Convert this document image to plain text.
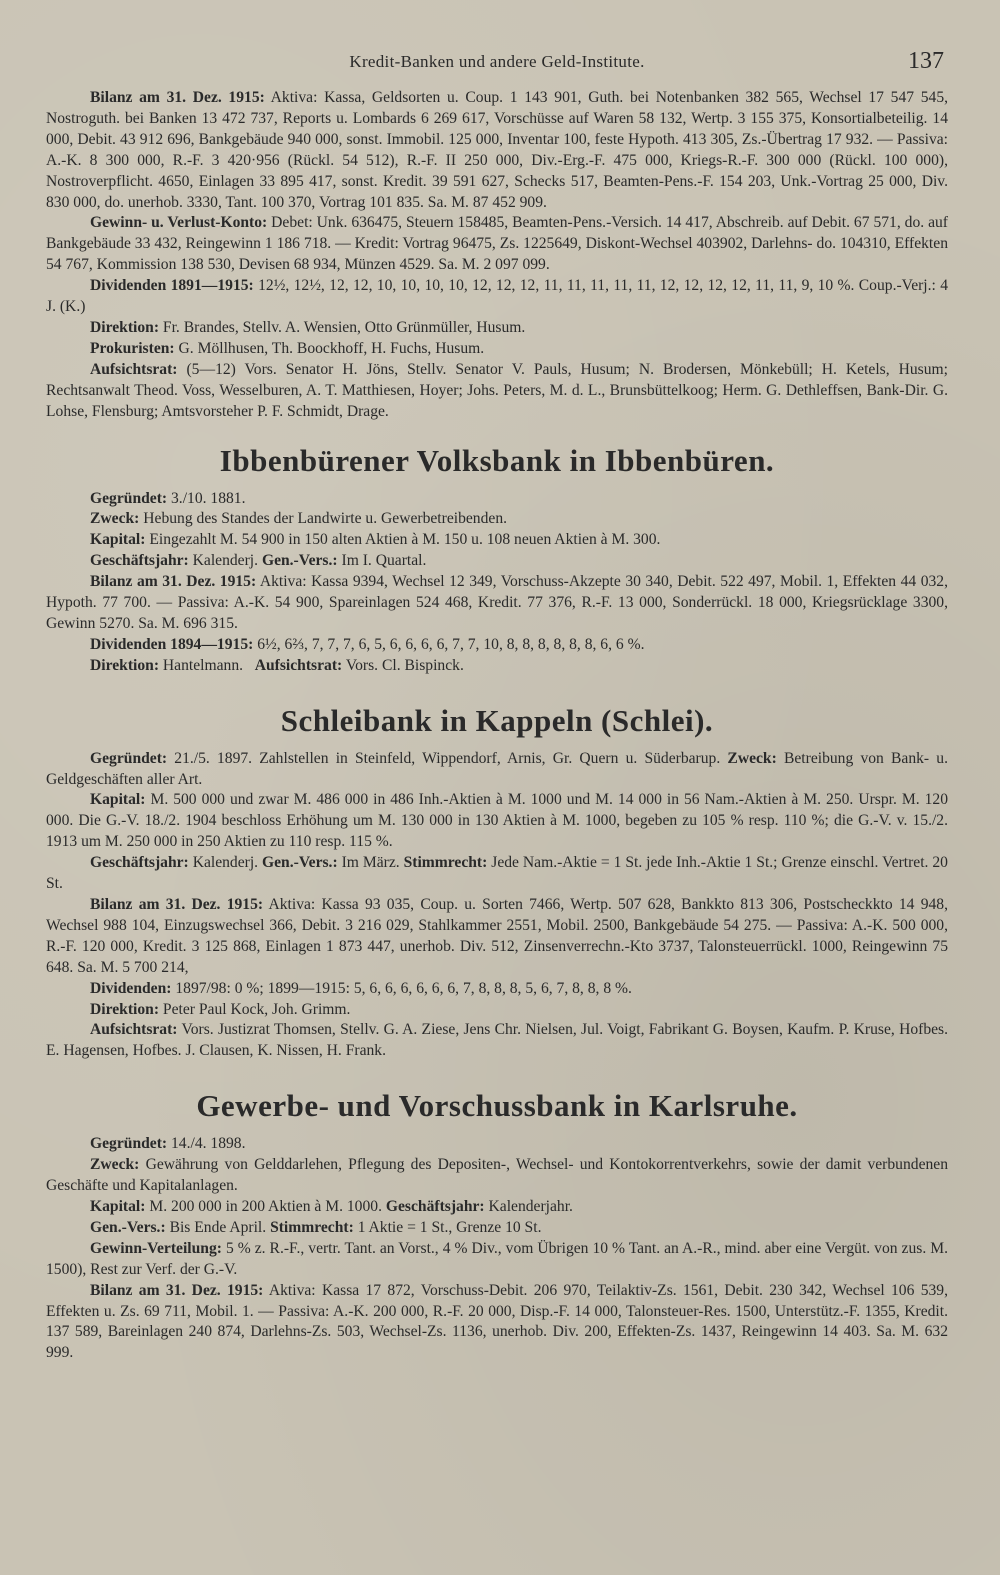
Kredit-Banken und andere Geld-Institute.	137

Bilanz am 31. Dez. 1915: Aktiva: Kassa, Geldsorten u. Coup. 1 143 901, Guth. bei Notenbanken 382 565, Wechsel 17 547 545, Nostroguth. bei Banken 13 472 737, Reports u. Lombards 6 269 617, Vorschüsse auf Waren 58 132, Wertp. 3 155 375, Konsortialbeteilig. 14 000, Debit. 43 912 696, Bankgebäude 940 000, sonst. Immobil. 125 000, Inventar 100, feste Hypoth. 413 305, Zs.-Übertrag 17 932. — Passiva: A.-K. 8 300 000, R.-F. 3 420·956 (Rückl. 54 512), R.-F. II 250 000, Div.-Erg.-F. 475 000, Kriegs-R.-F. 300 000 (Rückl. 100 000), Nostroverpflicht. 4650, Einlagen 33 895 417, sonst. Kredit. 39 591 627, Schecks 517, Beamten-Pens.-F. 154 203, Unk.-Vortrag 25 000, Div. 830 000, do. unerhob. 3330, Tant. 100 370, Vortrag 101 835. Sa. M. 87 452 909.

Gewinn- u. Verlust-Konto: Debet: Unk. 636475, Steuern 158485, Beamten-Pens.-Versich. 14 417, Abschreib. auf Debit. 67 571, do. auf Bankgebäude 33 432, Reingewinn 1 186 718. — Kredit: Vortrag 96475, Zs. 1225649, Diskont-Wechsel 403902, Darlehns- do. 104310, Effekten 54 767, Kommission 138 530, Devisen 68 934, Münzen 4529. Sa. M. 2 097 099.

Dividenden 1891—1915: 12½, 12½, 12, 12, 10, 10, 10, 10, 12, 12, 12, 11, 11, 11, 11, 11, 12, 12, 12, 12, 11, 11, 9, 10 %. Coup.-Verj.: 4 J. (K.)

Direktion: Fr. Brandes, Stellv. A. Wensien, Otto Grünmüller, Husum.

Prokuristen: G. Möllhusen, Th. Boockhoff, H. Fuchs, Husum.

Aufsichtsrat: (5—12) Vors. Senator H. Jöns, Stellv. Senator V. Pauls, Husum; N. Brodersen, Mönkebüll; H. Ketels, Husum; Rechtsanwalt Theod. Voss, Wesselburen, A. T. Matthiesen, Hoyer; Johs. Peters, M. d. L., Brunsbüttelkoog; Herm. G. Dethleffsen, Bank-Dir. G. Lohse, Flensburg; Amtsvorsteher P. F. Schmidt, Drage.

Ibbenbürener Volksbank in Ibbenbüren.

Gegründet: 3./10. 1881.

Zweck: Hebung des Standes der Landwirte u. Gewerbetreibenden.

Kapital: Eingezahlt M. 54 900 in 150 alten Aktien à M. 150 u. 108 neuen Aktien à M. 300.

Geschäftsjahr: Kalenderj. Gen.-Vers.: Im I. Quartal.

Bilanz am 31. Dez. 1915: Aktiva: Kassa 9394, Wechsel 12 349, Vorschuss-Akzepte 30 340, Debit. 522 497, Mobil. 1, Effekten 44 032, Hypoth. 77 700. — Passiva: A.-K. 54 900, Spareinlagen 524 468, Kredit. 77 376, R.-F. 13 000, Sonderrückl. 18 000, Kriegsrücklage 3300, Gewinn 5270. Sa. M. 696 315.

Dividenden 1894—1915: 6½, 6⅔, 7, 7, 7, 6, 5, 6, 6, 6, 6, 7, 7, 10, 8, 8, 8, 8, 8, 8, 6, 6 %.

Direktion: Hantelmann. Aufsichtsrat: Vors. Cl. Bispinck.

Schleibank in Kappeln (Schlei).

Gegründet: 21./5. 1897. Zahlstellen in Steinfeld, Wippendorf, Arnis, Gr. Quern u. Süderbarup. Zweck: Betreibung von Bank- u. Geldgeschäften aller Art.

Kapital: M. 500 000 und zwar M. 486 000 in 486 Inh.-Aktien à M. 1000 und M. 14 000 in 56 Nam.-Aktien à M. 250. Urspr. M. 120 000. Die G.-V. 18./2. 1904 beschloss Erhöhung um M. 130 000 in 130 Aktien à M. 1000, begeben zu 105 % resp. 110 %; die G.-V. v. 15./2. 1913 um M. 250 000 in 250 Aktien zu 110 resp. 115 %.

Geschäftsjahr: Kalenderj. Gen.-Vers.: Im März. Stimmrecht: Jede Nam.-Aktie = 1 St. jede Inh.-Aktie 1 St.; Grenze einschl. Vertret. 20 St.

Bilanz am 31. Dez. 1915: Aktiva: Kassa 93 035, Coup. u. Sorten 7466, Wertp. 507 628, Bankkto 813 306, Postscheckkto 14 948, Wechsel 988 104, Einzugswechsel 366, Debit. 3 216 029, Stahlkammer 2551, Mobil. 2500, Bankgebäude 54 275. — Passiva: A.-K. 500 000, R.-F. 120 000, Kredit. 3 125 868, Einlagen 1 873 447, unerhob. Div. 512, Zinsenverrechn.-Kto 3737, Talonsteuerrückl. 1000, Reingewinn 75 648. Sa. M. 5 700 214,

Dividenden: 1897/98: 0 %; 1899—1915: 5, 6, 6, 6, 6, 6, 6, 7, 8, 8, 8, 5, 6, 7, 8, 8, 8 %.

Direktion: Peter Paul Kock, Joh. Grimm.

Aufsichtsrat: Vors. Justizrat Thomsen, Stellv. G. A. Ziese, Jens Chr. Nielsen, Jul. Voigt, Fabrikant G. Boysen, Kaufm. P. Kruse, Hofbes. E. Hagensen, Hofbes. J. Clausen, K. Nissen, H. Frank.

Gewerbe- und Vorschussbank in Karlsruhe.

Gegründet: 14./4. 1898.

Zweck: Gewährung von Gelddarlehen, Pflegung des Depositen-, Wechsel- und Kontokorrentverkehrs, sowie der damit verbundenen Geschäfte und Kapitalanlagen.

Kapital: M. 200 000 in 200 Aktien à M. 1000. Geschäftsjahr: Kalenderjahr.

Gen.-Vers.: Bis Ende April. Stimmrecht: 1 Aktie = 1 St., Grenze 10 St.

Gewinn-Verteilung: 5 % z. R.-F., vertr. Tant. an Vorst., 4 % Div., vom Übrigen 10 % Tant. an A.-R., mind. aber eine Vergüt. von zus. M. 1500), Rest zur Verf. der G.-V.

Bilanz am 31. Dez. 1915: Aktiva: Kassa 17 872, Vorschuss-Debit. 206 970, Teilaktiv-Zs. 1561, Debit. 230 342, Wechsel 106 539, Effekten u. Zs. 69 711, Mobil. 1. — Passiva: A.-K. 200 000, R.-F. 20 000, Disp.-F. 14 000, Talonsteuer-Res. 1500, Unterstütz.-F. 1355, Kredit. 137 589, Bareinlagen 240 874, Darlehns-Zs. 503, Wechsel-Zs. 1136, unerhob. Div. 200, Effekten-Zs. 1437, Reingewinn 14 403. Sa. M. 632 999.
